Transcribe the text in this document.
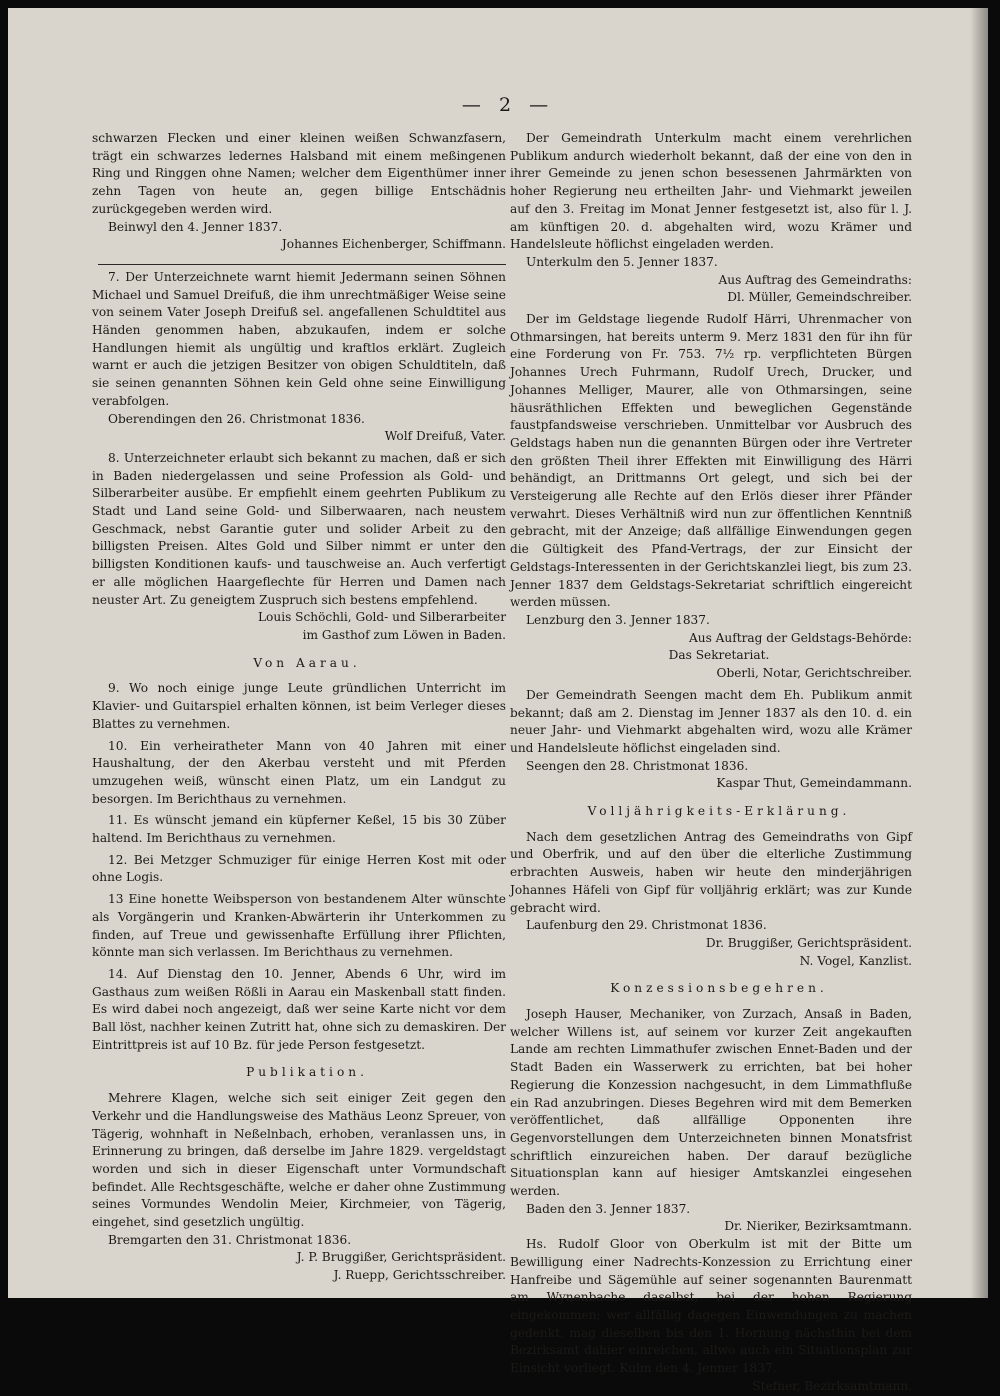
— 2 —

schwarzen Flecken und einer kleinen weißen Schwanzfasern, trägt ein schwarzes ledernes Halsband mit einem meßingenen Ring und Ringgen ohne Namen; welcher dem Eigenthümer inner zehn Tagen von heute an, gegen billige Entschädnis zurückgegeben werden wird.

Beinwyl den 4. Jenner 1837.

Johannes Eichenberger, Schiffmann.

7. Der Unterzeichnete warnt hiemit Jedermann seinen Söhnen Michael und Samuel Dreifuß, die ihm unrechtmäßiger Weise seine von seinem Vater Joseph Dreifuß sel. angefallenen Schuldtitel aus Händen genommen haben, abzukaufen, indem er solche Handlungen hiemit als ungültig und kraftlos erklärt. Zugleich warnt er auch die jetzigen Besitzer von obigen Schuldtiteln, daß sie seinen genannten Söhnen kein Geld ohne seine Einwilligung verabfolgen.

Oberendingen den 26. Christmonat 1836.

Wolf Dreifuß, Vater.

8. Unterzeichneter erlaubt sich bekannt zu machen, daß er sich in Baden niedergelassen und seine Profession als Gold- und Silberarbeiter ausübe. Er empfiehlt einem geehrten Publikum zu Stadt und Land seine Gold- und Silberwaaren, nach neustem Geschmack, nebst Garantie guter und solider Arbeit zu den billigsten Preisen. Altes Gold und Silber nimmt er unter den billigsten Konditionen kaufs- und tauschweise an. Auch verfertigt er alle möglichen Haargeflechte für Herren und Damen nach neuster Art. Zu geneigtem Zuspruch sich bestens empfehlend.

Louis Schöchli, Gold- und Silberarbeiter

im Gasthof zum Löwen in Baden.

Von Aarau.

9. Wo noch einige junge Leute gründlichen Unterricht im Klavier- und Guitarspiel erhalten können, ist beim Verleger dieses Blattes zu vernehmen.

10. Ein verheiratheter Mann von 40 Jahren mit einer Haushaltung, der den Akerbau versteht und mit Pferden umzugehen weiß, wünscht einen Platz, um ein Landgut zu besorgen. Im Berichthaus zu vernehmen.

11. Es wünscht jemand ein küpferner Keßel, 15 bis 30 Züber haltend. Im Berichthaus zu vernehmen.

12. Bei Metzger Schmuziger für einige Herren Kost mit oder ohne Logis.

13 Eine honette Weibsperson von bestandenem Alter wünschte als Vorgängerin und Kranken-Abwärterin ihr Unterkommen zu finden, auf Treue und gewissenhafte Erfüllung ihrer Pflichten, könnte man sich verlassen. Im Berichthaus zu vernehmen.

14. Auf Dienstag den 10. Jenner, Abends 6 Uhr, wird im Gasthaus zum weißen Rößli in Aarau ein Maskenball statt finden. Es wird dabei noch angezeigt, daß wer seine Karte nicht vor dem Ball löst, nachher keinen Zutritt hat, ohne sich zu demaskiren. Der Eintrittpreis ist auf 10 Bz. für jede Person festgesetzt.

Publikation.

Mehrere Klagen, welche sich seit einiger Zeit gegen den Verkehr und die Handlungsweise des Mathäus Leonz Spreuer, von Tägerig, wohnhaft in Neßelnbach, erhoben, veranlassen uns, in Erinnerung zu bringen, daß derselbe im Jahre 1829. vergeldstagt worden und sich in dieser Eigenschaft unter Vormundschaft befindet. Alle Rechtsgeschäfte, welche er daher ohne Zustimmung seines Vormundes Wendolin Meier, Kirchmeier, von Tägerig, eingehet, sind gesetzlich ungültig.

Bremgarten den 31. Christmonat 1836.

J. P. Bruggißer, Gerichtspräsident.

J. Ruepp, Gerichtsschreiber.

Der Gemeindrath Unterkulm macht einem verehrlichen Publikum andurch wiederholt bekannt, daß der eine von den in ihrer Gemeinde zu jenen schon besessenen Jahrmärkten von hoher Regierung neu ertheilten Jahr- und Viehmarkt jeweilen auf den 3. Freitag im Monat Jenner festgesetzt ist, also für l. J. am künftigen 20. d. abgehalten wird, wozu Krämer und Handelsleute höflichst eingeladen werden.

Unterkulm den 5. Jenner 1837.

Aus Auftrag des Gemeindraths:

Dl. Müller, Gemeindschreiber.

Der im Geldstage liegende Rudolf Härri, Uhrenmacher von Othmarsingen, hat bereits unterm 9. Merz 1831 den für ihn für eine Forderung von Fr. 753. 7½ rp. verpflichteten Bürgen Johannes Urech Fuhrmann, Rudolf Urech, Drucker, und Johannes Melliger, Maurer, alle von Othmarsingen, seine häusräthlichen Effekten und beweglichen Gegenstände faustpfandsweise verschrieben. Unmittelbar vor Ausbruch des Geldstags haben nun die genannten Bürgen oder ihre Vertreter den größten Theil ihrer Effekten mit Einwilligung des Härri behändigt, an Drittmanns Ort gelegt, und sich bei der Versteigerung alle Rechte auf den Erlös dieser ihrer Pfänder verwahrt. Dieses Verhältniß wird nun zur öffentlichen Kenntniß gebracht, mit der Anzeige; daß allfällige Einwendungen gegen die Gültigkeit des Pfand-Vertrags, der zur Einsicht der Geldstags-Interessenten in der Gerichtskanzlei liegt, bis zum 23. Jenner 1837 dem Geldstags-Sekretariat schriftlich eingereicht werden müssen.

Lenzburg den 3. Jenner 1837.

Aus Auftrag der Geldstags-Behörde:

Das Sekretariat.

Oberli, Notar, Gerichtschreiber.

Der Gemeindrath Seengen macht dem Eh. Publikum anmit bekannt; daß am 2. Dienstag im Jenner 1837 als den 10. d. ein neuer Jahr- und Viehmarkt abgehalten wird, wozu alle Krämer und Handelsleute höflichst eingeladen sind.

Seengen den 28. Christmonat 1836.

Kaspar Thut, Gemeindammann.

Volljährigkeits-Erklärung.

Nach dem gesetzlichen Antrag des Gemeindraths von Gipf und Oberfrik, und auf den über die elterliche Zustimmung erbrachten Ausweis, haben wir heute den minderjährigen Johannes Häfeli von Gipf für volljährig erklärt; was zur Kunde gebracht wird.

Laufenburg den 29. Christmonat 1836.

Dr. Bruggißer, Gerichtspräsident.

N. Vogel, Kanzlist.

Konzessionsbegehren.

Joseph Hauser, Mechaniker, von Zurzach, Ansaß in Baden, welcher Willens ist, auf seinem vor kurzer Zeit angekauften Lande am rechten Limmathufer zwischen Ennet-Baden und der Stadt Baden ein Wasserwerk zu errichten, bat bei hoher Regierung die Konzession nachgesucht, in dem Limmathfluße ein Rad anzubringen. Dieses Begehren wird mit dem Bemerken veröffentlichet, daß allfällige Opponenten ihre Gegenvorstellungen dem Unterzeichneten binnen Monatsfrist schriftlich einzureichen haben. Der darauf bezügliche Situationsplan kann auf hiesiger Amtskanzlei eingesehen werden.

Baden den 3. Jenner 1837.

Dr. Nieriker, Bezirksamtmann.

Hs. Rudolf Gloor von Oberkulm ist mit der Bitte um Bewilligung einer Nadrechts-Konzession zu Errichtung einer Hanfreibe und Sägemühle auf seiner sogenannten Baurenmatt am Wynenbache daselbst, bei der hohen Regierung eingekommen; wer allfällig dagegen Einwendungen zu machen gedenkt, mag dieselben bis den 1. Hornung nächsthin bei dem Bezirksamt dahier einreichen, allwo auch ein Situationsplan zur Einsicht vorliegt. Kulm den 4. Jenner 1837.

Stefner, Bezirksamtmann.
